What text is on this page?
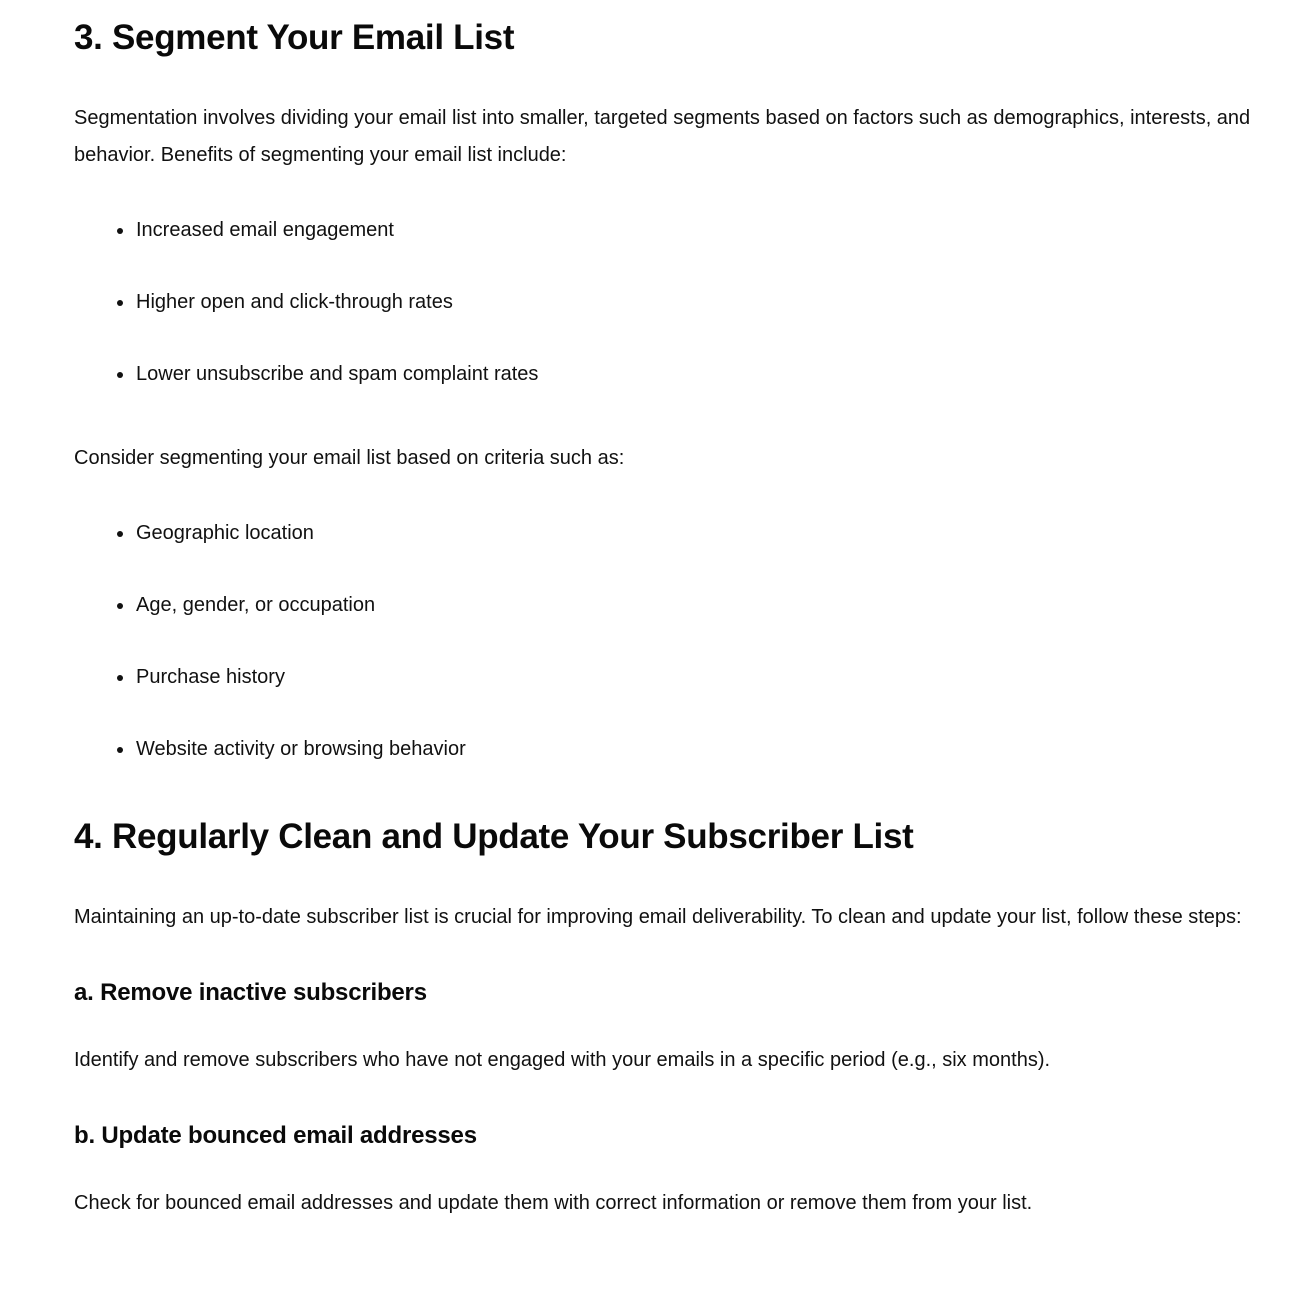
3. Segment Your Email List

Segmentation involves dividing your email list into smaller, targeted segments based on factors such as demographics, interests, and behavior. Benefits of segmenting your email list include:

• Increased email engagement
• Higher open and click-through rates
• Lower unsubscribe and spam complaint rates

Consider segmenting your email list based on criteria such as:

• Geographic location
• Age, gender, or occupation
• Purchase history
• Website activity or browsing behavior
4. Regularly Clean and Update Your Subscriber List

Maintaining an up-to-date subscriber list is crucial for improving email deliverability. To clean and update your list, follow these steps:

a. Remove inactive subscribers

Identify and remove subscribers who have not engaged with your emails in a specific period (e.g., six months).

b. Update bounced email addresses

Check for bounced email addresses and update them with correct information or remove them from your list.
